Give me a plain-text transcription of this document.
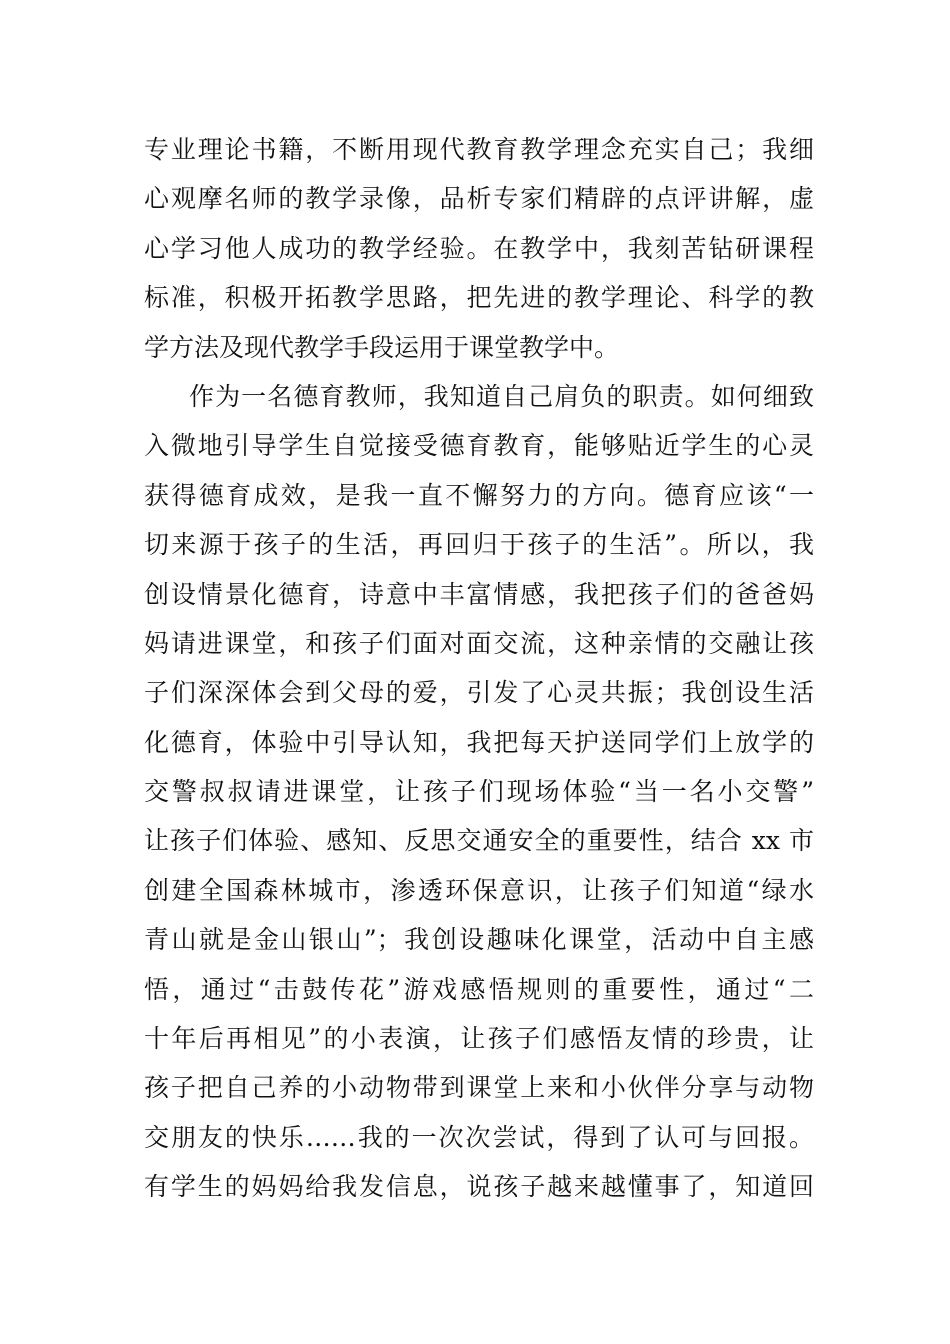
专业理论书籍，不断用现代教育教学理念充实自己；我细
心观摩名师的教学录像，品析专家们精辟的点评讲解，虚
心学习他人成功的教学经验。在教学中，我刻苦钻研课程
标准，积极开拓教学思路，把先进的教学理论、科学的教
学方法及现代教学手段运用于课堂教学中。
作为一名德育教师，我知道自己肩负的职责。如何细致
入微地引导学生自觉接受德育教育，能够贴近学生的心灵
获得德育成效，是我一直不懈努力的方向。德育应该“一
切来源于孩子的生活，再回归于孩子的生活”。所以，我
创设情景化德育，诗意中丰富情感，我把孩子们的爸爸妈
妈请进课堂，和孩子们面对面交流，这种亲情的交融让孩
子们深深体会到父母的爱，引发了心灵共振；我创设生活
化德育，体验中引导认知，我把每天护送同学们上放学的
交警叔叔请进课堂，让孩子们现场体验“当一名小交警”
让孩子们体验、感知、反思交通安全的重要性，结合 xx 市
创建全国森林城市，渗透环保意识，让孩子们知道“绿水
青山就是金山银山”；我创设趣味化课堂，活动中自主感
悟，通过“击鼓传花”游戏感悟规则的重要性，通过“二
十年后再相见”的小表演，让孩子们感悟友情的珍贵，让
孩子把自己养的小动物带到课堂上来和小伙伴分享与动物
交朋友的快乐……我的一次次尝试，得到了认可与回报。
有学生的妈妈给我发信息，说孩子越来越懂事了，知道回
